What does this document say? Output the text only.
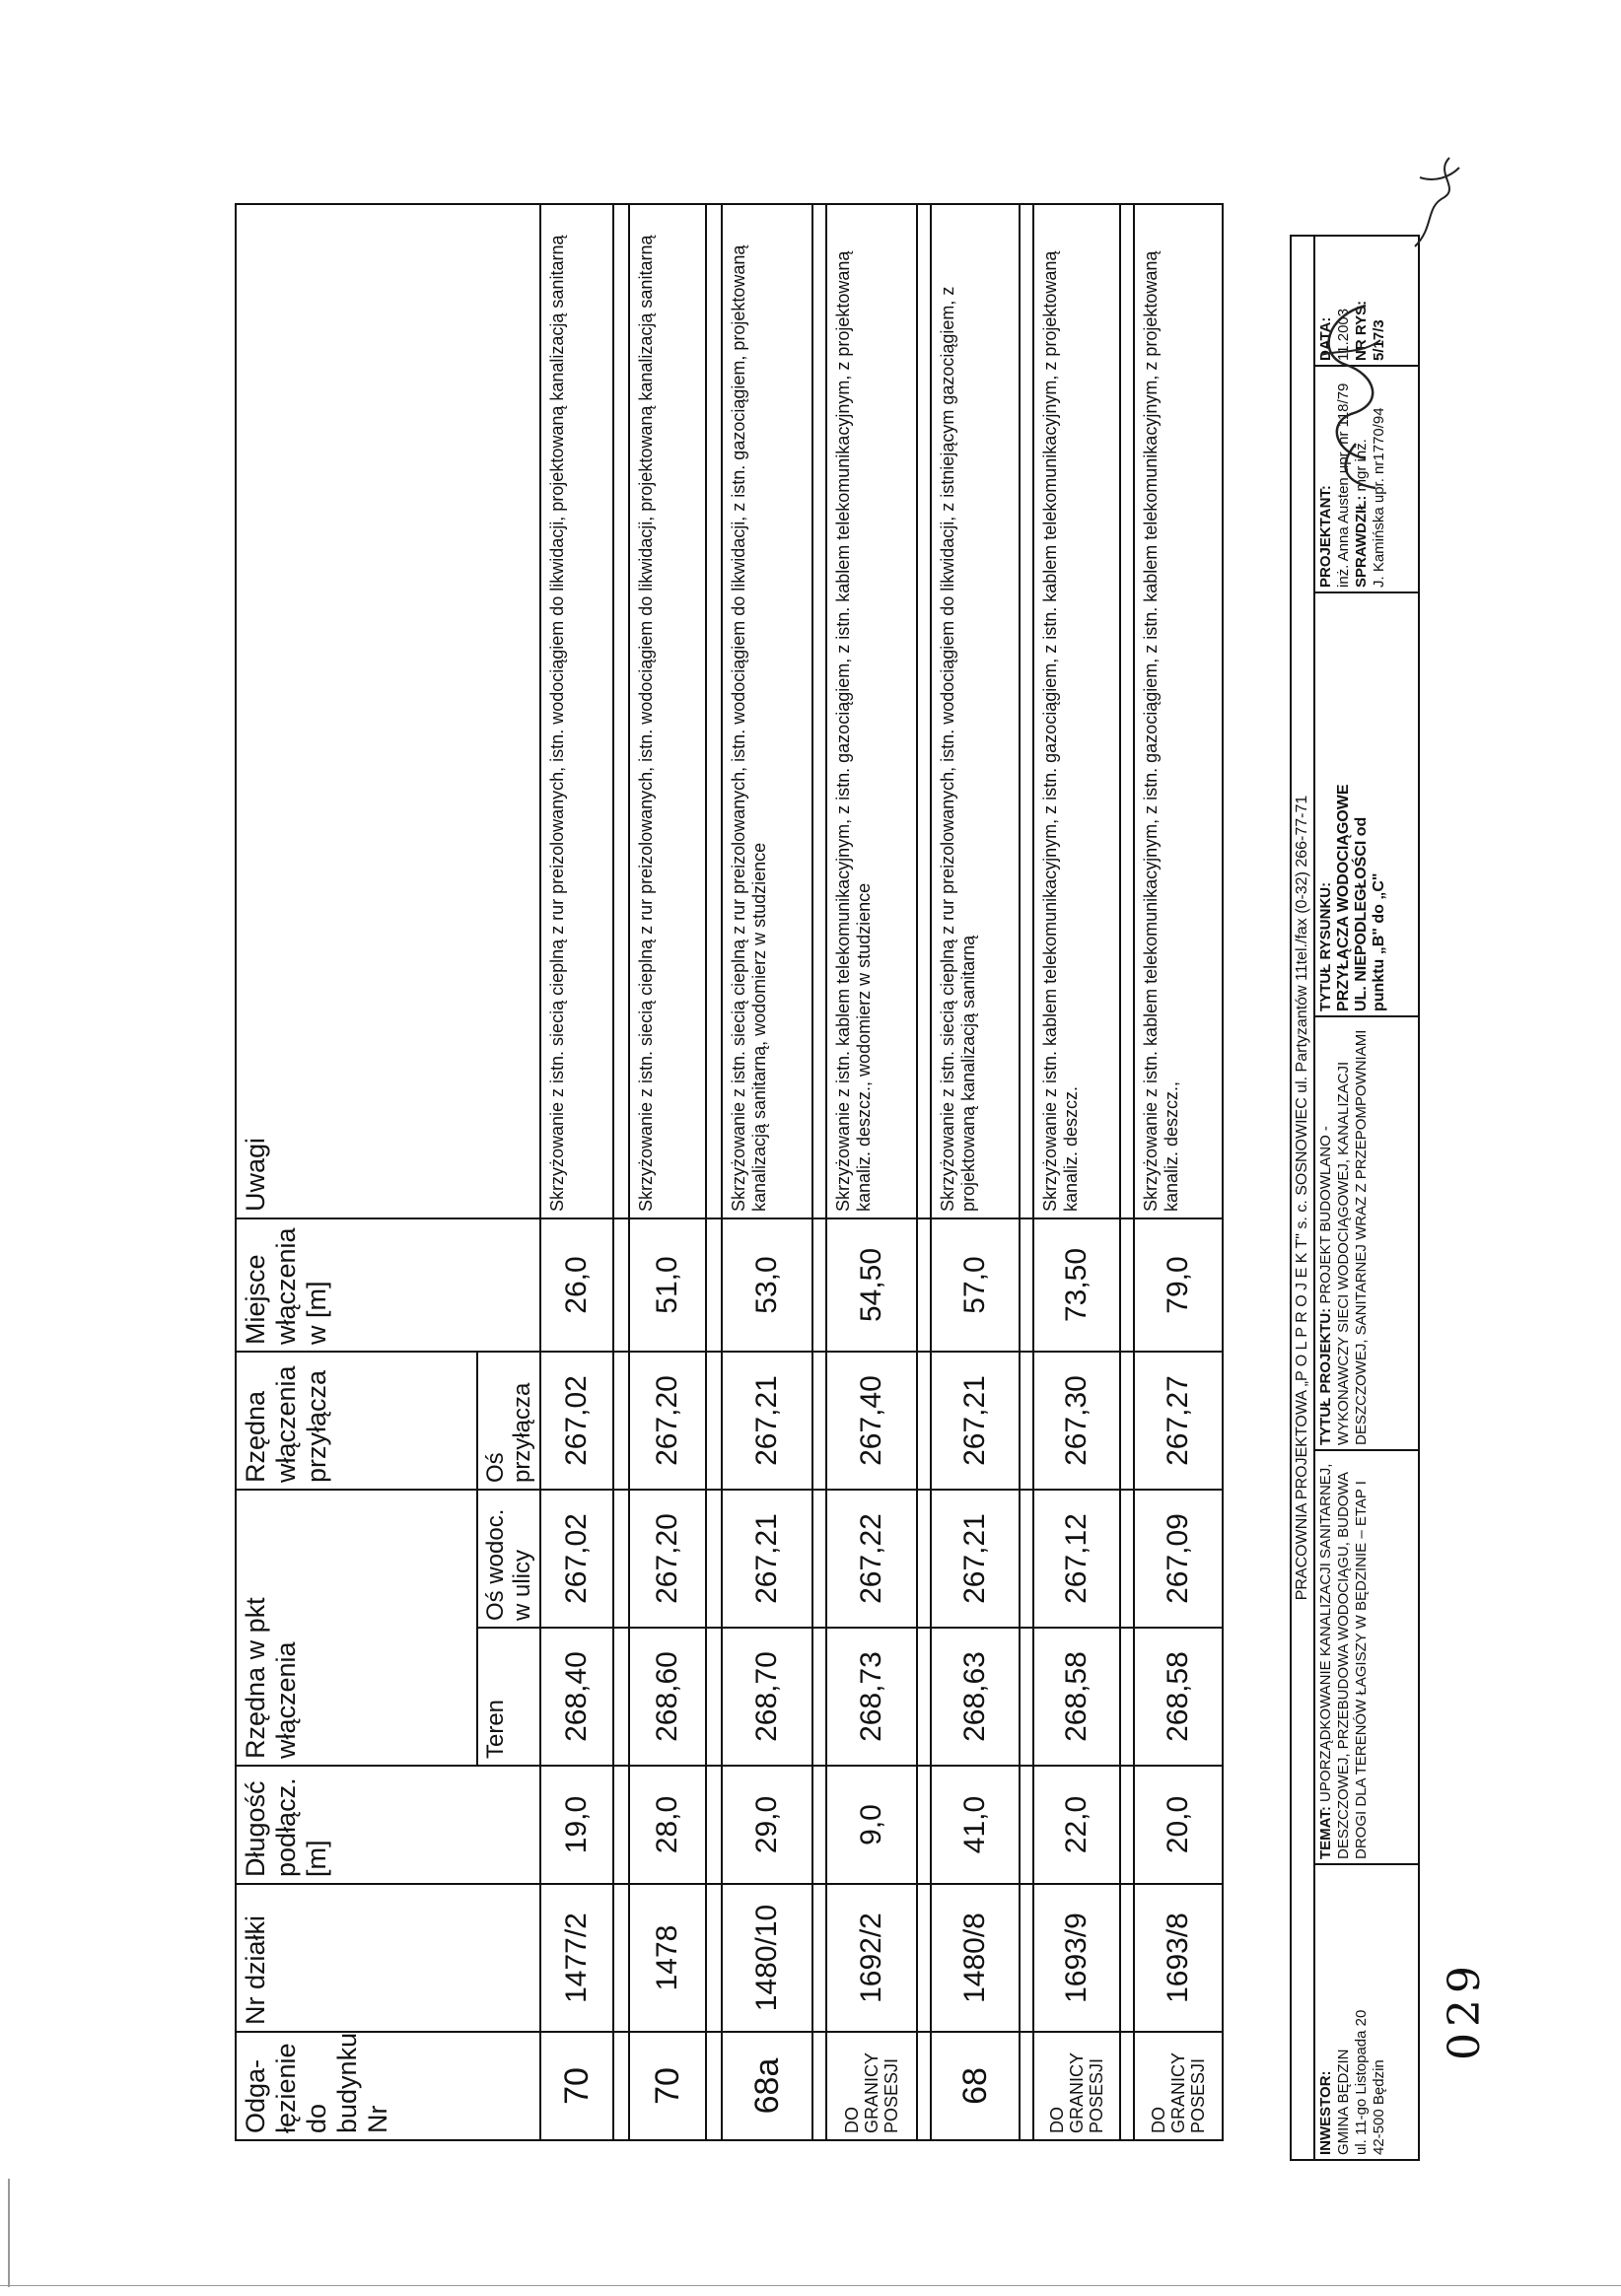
Odga-łęzienie do budynku Nr	Nr działki	Długość podłącz. [m]	Rzędna w pkt włączenia		Rzędna włączenia przyłącza	Miejsce włączenia w [m]	Uwagi
			Teren	Oś wodoc. w ulicy	Oś przyłącza		
70	1477/2	19,0	268,40	267,02	267,02	26,0	Skrzyżowanie z istn. siecią cieplną z rur preizolowanych, istn. wodociągiem do likwidacji, projektowaną kanalizacją sanitarną

70	1478	28,0	268,60	267,20	267,20	51,0	Skrzyżowanie z istn. siecią cieplną z rur preizolowanych, istn. wodociągiem do likwidacji, projektowaną kanalizacją sanitarną

68a	1480/10	29,0	268,70	267,21	267,21	53,0	Skrzyżowanie z istn. siecią cieplną z rur preizolowanych, istn. wodociągiem do likwidacji, z istn. gazociągiem, projektowaną kanalizacją sanitarną, wodomierz w studzience

DO GRANICY POSESJI	1692/2	9,0	268,73	267,22	267,40	54,50	Skrzyżowanie z istn. kablem telekomunikacyjnym, z istn. gazociągiem, z istn. kablem telekomunikacyjnym, z projektowaną kanaliz. deszcz., wodomierz w studzience

68	1480/8	41,0	268,63	267,21	267,21	57,0	Skrzyżowanie z istn. siecią cieplną z rur preizolowanych, istn. wodociągiem do likwidacji, z istniejącym gazociągiem, z projektowaną kanalizacją sanitarną

DO GRANICY POSESJI	1693/9	22,0	268,58	267,12	267,30	73,50	Skrzyżowanie z istn. kablem telekomunikacyjnym, z istn. gazociągiem, z istn. kablem telekomunikacyjnym, z projektowaną kanaliz. deszcz.

DO GRANICY POSESJI	1693/8	20,0	268,58	267,09	267,27	79,0	Skrzyżowanie z istn. kablem telekomunikacyjnym, z istn. gazociągiem, z istn. kablem telekomunikacyjnym, z projektowaną kanaliz. deszcz.,	PRACOWNIA PROJEKTOWA „P O L P R O J E K T" s. c. SOSNOWIEC ul. Partyzantów 11tel./fax (0-32) 266-77-71

INWESTOR: GMINA BĘDZIN ul. 11-go Listopada 20 42-500 Będzin
	TEMAT: UPORZĄDKOWANIE KANALIZACJI SANITARNEJ, DESZCZOWEJ, PRZEBUDOWA WODOCIĄGU, BUDOWA DROGI DLA TERENÓW ŁAGISZY W BĘDZINIE – ETAP I	TYTUŁ PROJEKTU: PROJEKT BUDOWLANO -WYKONAWCZY SIECI WODOCIĄGOWEJ, KANALIZACJI DESZCZOWEJ, SANITARNEJ WRAZ Z PRZEPOMPOWNIAMI	
TYTUŁ RYSUNKU: PRZYŁĄCZA WODOCIĄGOWE UL. NIEPODLEGŁOŚCI od punktu „B" do „C"

PROJEKTANT: inż. Anna Austen upr. nr 118/79 SPRAWDZIŁ: mgr inż. J. Kamińska upr. nr1770/94

DATA: 11.2003 NR RYS: 5/17/3
029
